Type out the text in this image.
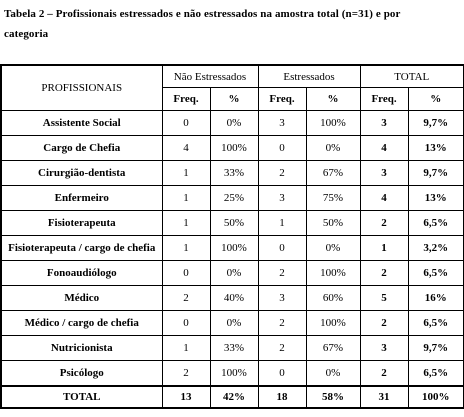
Tabela 2 – Profissionais estressados e não estressados na amostra total (n=31) e por
categoria
PROFISSIONAIS	Não Estressados		Estressados		TOTAL	
	Freq.	%	Freq.	%	Freq.	%
Assistente Social	0	0%	3	100%	3	9,7%
Cargo de Chefia	4	100%	0	0%	4	13%
Cirurgião-dentista	1	33%	2	67%	3	9,7%
Enfermeiro	1	25%	3	75%	4	13%
Fisioterapeuta	1	50%	1	50%	2	6,5%
Fisioterapeuta / cargo de chefia	1	100%	0	0%	1	3,2%
Fonoaudiólogo	0	0%	2	100%	2	6,5%
Médico	2	40%	3	60%	5	16%
Médico / cargo de chefia	0	0%	2	100%	2	6,5%
Nutricionista	1	33%	2	67%	3	9,7%
Psicólogo	2	100%	0	0%	2	6,5%
TOTAL	13	42%	18	58%	31	100%
